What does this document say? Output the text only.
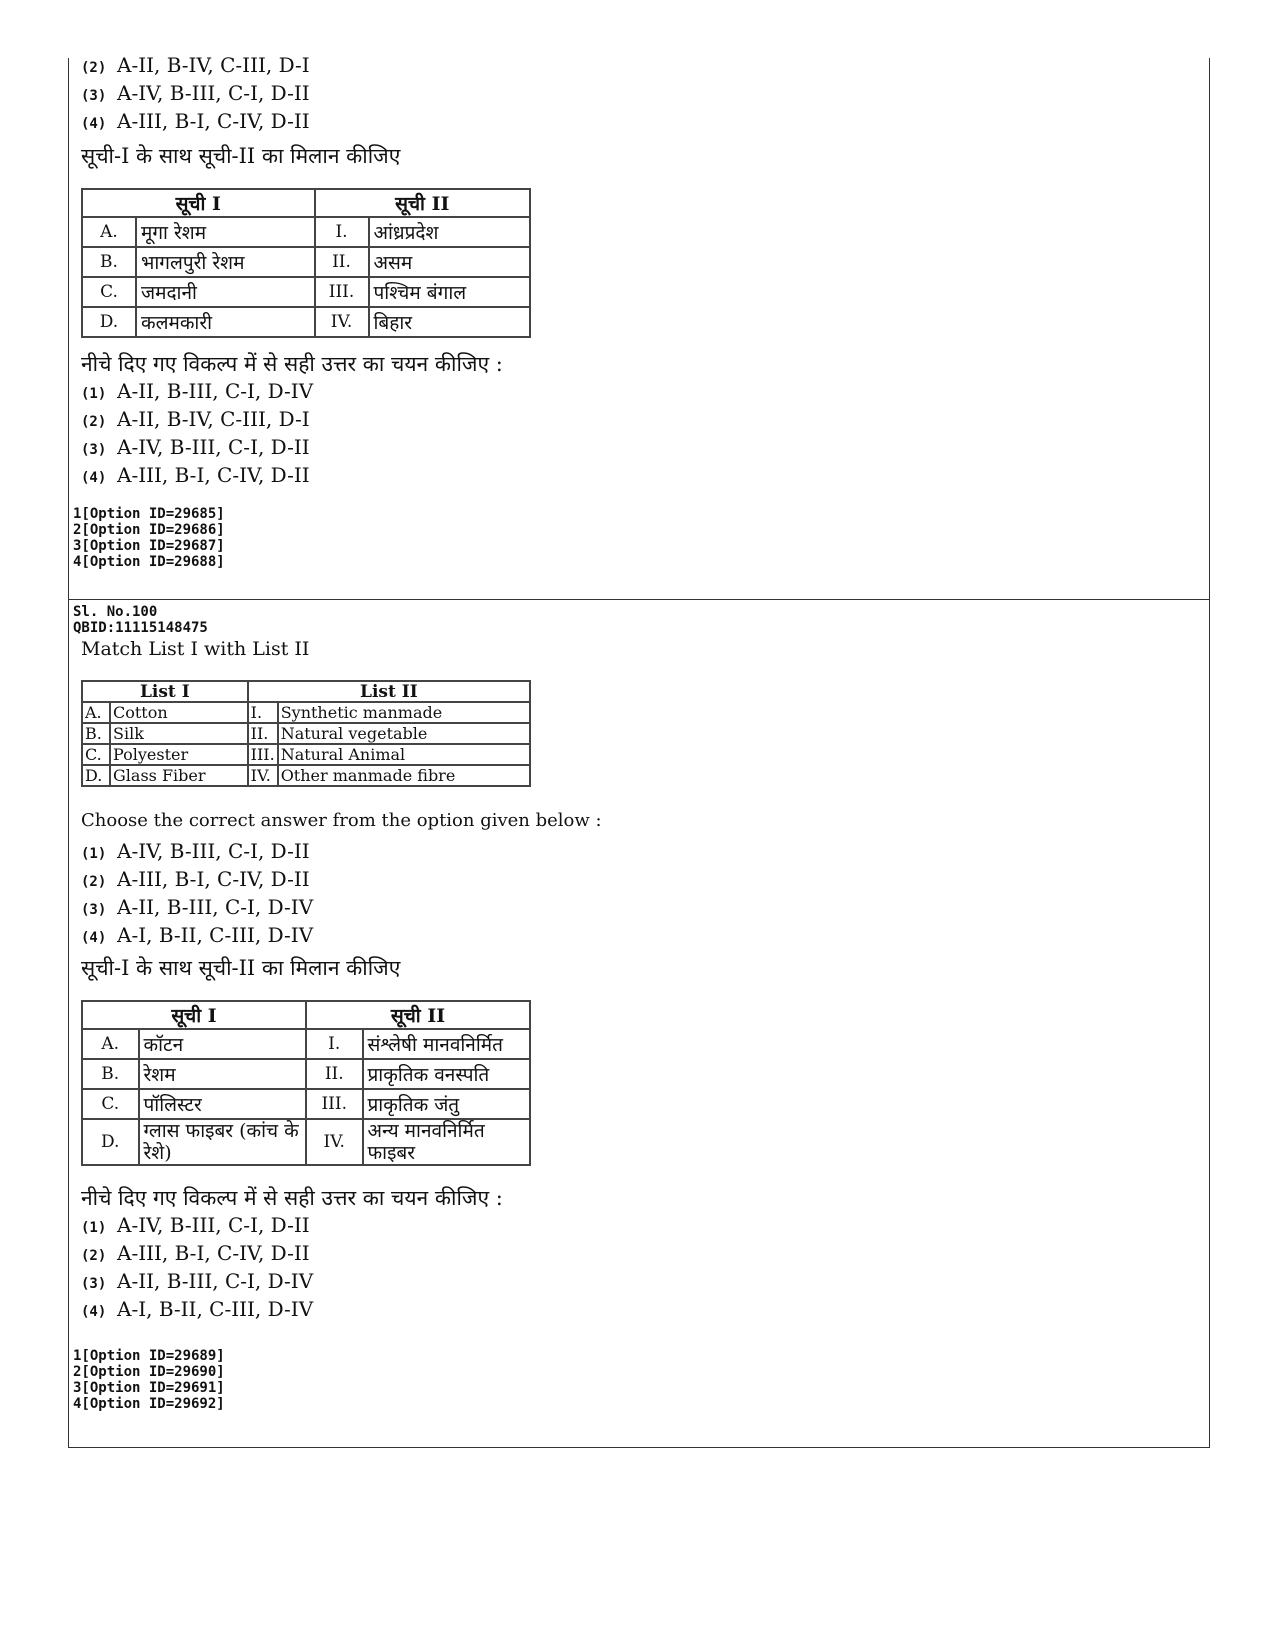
(2) A-II, B-IV, C-III, D-I
(3) A-IV, B-III, C-I, D-II
(4) A-III, B-I, C-IV, D-II
सूची-I के साथ सूची-II का मिलान कीजिए
सूची I		सूची II	
A.	मूगा रेशम	I.	आंध्रप्रदेश
B.	भागलपुरी रेशम	II.	असम
C.	जमदानी	III.	पश्चिम बंगाल
D.	कलमकारी	IV.	बिहार
नीचे दिए गए विकल्प में से सही उत्तर का चयन कीजिए :
(1) A-II, B-III, C-I, D-IV
(2) A-II, B-IV, C-III, D-I
(3) A-IV, B-III, C-I, D-II
(4) A-III, B-I, C-IV, D-II
1[Option ID=29685]
2[Option ID=29686]
3[Option ID=29687]
4[Option ID=29688]
Sl. No.100
QBID:11115148475
Match List I with List II
List I		List II	
A.	Cotton	I.	Synthetic manmade
B.	Silk	II.	Natural vegetable
C.	Polyester	III.	Natural Animal
D.	Glass Fiber	IV.	Other manmade fibre
Choose the correct answer from the option given below :
(1) A-IV, B-III, C-I, D-II
(2) A-III, B-I, C-IV, D-II
(3) A-II, B-III, C-I, D-IV
(4) A-I, B-II, C-III, D-IV
सूची-I के साथ सूची-II का मिलान कीजिए
सूची I		सूची II	
A.	कॉटन	I.	संश्लेषी मानवनिर्मित
B.	रेशम	II.	प्राकृतिक वनस्पति
C.	पॉलिस्टर	III.	प्राकृतिक जंतु
D.	ग्लास फाइबर (कांच के रेशे)	IV.	अन्य मानवनिर्मित फाइबर
नीचे दिए गए विकल्प में से सही उत्तर का चयन कीजिए :
(1) A-IV, B-III, C-I, D-II
(2) A-III, B-I, C-IV, D-II
(3) A-II, B-III, C-I, D-IV
(4) A-I, B-II, C-III, D-IV
1[Option ID=29689]
2[Option ID=29690]
3[Option ID=29691]
4[Option ID=29692]
